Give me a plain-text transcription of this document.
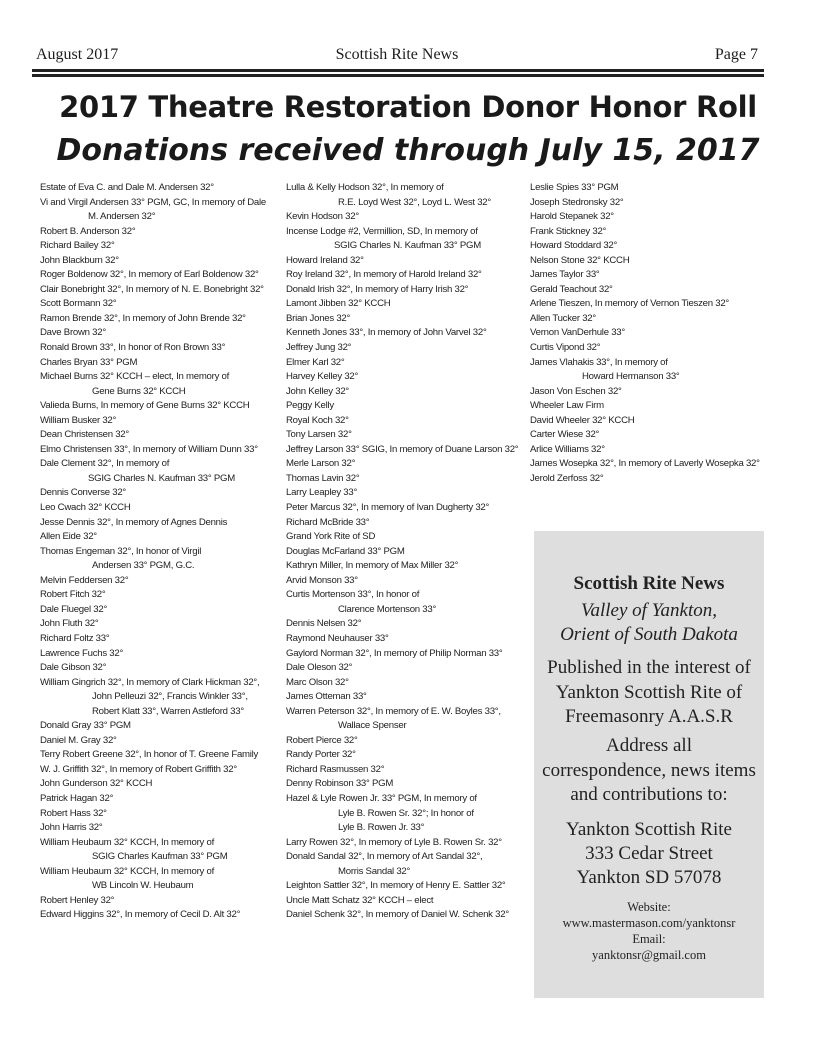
August 2017	Scottish Rite News	Page 7
2017 Theatre Restoration Donor Honor Roll
Donations received through July 15, 2017
Estate of Eva C. and Dale M. Andersen 32°
Vi and Virgil Andersen 33° PGM, GC, In memory of Dale
M. Andersen 32°
Robert B. Anderson 32°
Richard Bailey 32°
John Blackburn 32°
Roger Boldenow 32°, In memory of Earl Boldenow 32°
Clair Bonebright 32°, In memory of N. E. Bonebright 32°
Scott Bormann 32°
Ramon Brende 32°, In memory of John Brende 32°
Dave Brown 32°
Ronald Brown 33°, In honor of Ron Brown 33°
Charles Bryan 33° PGM
Michael Burns 32° KCCH – elect, In memory of
Gene Burns 32° KCCH
Valieda Burns, In memory of Gene Burns 32° KCCH
William Busker 32°
Dean Christensen 32°
Elmo Christensen 33°, In memory of William Dunn 33°
Dale Clement 32°, In memory of
SGIG Charles N. Kaufman 33° PGM
Dennis Converse 32°
Leo Cwach 32° KCCH
Jesse Dennis 32°, In memory of Agnes Dennis
Allen Eide 32°
Thomas Engeman 32°, In honor of Virgil
Andersen 33° PGM, G.C.
Melvin Feddersen 32°
Robert Fitch 32°
Dale Fluegel 32°
John Fluth 32°
Richard Foltz 33°
Lawrence Fuchs 32°
Dale Gibson 32°
William Gingrich 32°, In memory of Clark Hickman 32°,
John Pelleuzi 32°, Francis Winkler 33°,
Robert Klatt 33°, Warren Astleford 33°
Donald Gray 33° PGM
Daniel M. Gray 32°
Terry Robert Greene 32°, In honor of T. Greene Family
W. J. Griffith 32°, In memory of Robert Griffith 32°
John Gunderson 32° KCCH
Patrick Hagan 32°
Robert Hass 32°
John Harris 32°
William Heubaum 32° KCCH, In memory of
SGIG Charles Kaufman 33° PGM
William Heubaum 32° KCCH, In memory of
WB Lincoln W. Heubaum
Robert Henley 32°
Edward Higgins 32°, In memory of Cecil D. Alt 32°
Lulla & Kelly Hodson 32°, In memory of
R.E. Loyd West 32°, Loyd L. West 32°
Kevin Hodson 32°
Incense Lodge #2, Vermillion, SD, In memory of
SGIG Charles N. Kaufman 33° PGM
Howard Ireland 32°
Roy Ireland 32°, In memory of Harold Ireland 32°
Donald Irish 32°, In memory of Harry Irish 32°
Lamont Jibben 32° KCCH
Brian Jones 32°
Kenneth Jones 33°, In memory of John Varvel 32°
Jeffrey Jung 32°
Elmer Karl 32°
Harvey Kelley 32°
John Kelley 32°
Peggy Kelly
Royal Koch 32°
Tony Larsen 32°
Jeffrey Larson 33° SGIG, In memory of Duane Larson 32°
Merle Larson 32°
Thomas Lavin 32°
Larry Leapley 33°
Peter Marcus 32°, In memory of Ivan Dugherty 32°
Richard McBride 33°
Grand York Rite of SD
Douglas McFarland 33° PGM
Kathryn Miller, In memory of Max Miller 32°
Arvid Monson 33°
Curtis Mortenson 33°, In honor of
Clarence Mortenson 33°
Dennis Nelsen 32°
Raymond Neuhauser 33°
Gaylord Norman 32°, In memory of Philip Norman 33°
Dale Oleson 32°
Marc Olson 32°
James Otteman 33°
Warren Peterson 32°, In memory of E. W. Boyles 33°,
Wallace Spenser
Robert Pierce 32°
Randy Porter 32°
Richard Rasmussen 32°
Denny Robinson 33° PGM
Hazel & Lyle Rowen Jr. 33° PGM, In memory of
Lyle B. Rowen Sr. 32°; In honor of
Lyle B. Rowen Jr. 33°
Larry Rowen 32°, In memory of Lyle B. Rowen Sr. 32°
Donald Sandal 32°, In memory of Art Sandal 32°,
Morris Sandal 32°
Leighton Sattler 32°, In memory of Henry E. Sattler 32°
Uncle Matt Schatz 32° KCCH – elect
Daniel Schenk 32°, In memory of Daniel W. Schenk 32°
Leslie Spies 33° PGM
Joseph Stedronsky 32°
Harold Stepanek 32°
Frank Stickney 32°
Howard Stoddard 32°
Nelson Stone 32° KCCH
James Taylor 33°
Gerald Teachout 32°
Arlene Tieszen, In memory of Vernon Tieszen 32°
Allen Tucker 32°
Vernon VanDerhule 33°
Curtis Vipond 32°
James Vlahakis 33°, In memory of
Howard Hermanson 33°
Jason Von Eschen 32°
Wheeler Law Firm
David Wheeler 32° KCCH
Carter Wiese 32°
Arlice Williams 32°
James Wosepka 32°, In memory of Laverly Wosepka 32°
Jerold Zerfoss 32°
Scottish Rite News
Valley of Yankton,
Orient of South Dakota
Published in the interest of Yankton Scottish Rite of Freemasonry A.A.S.R
Address all correspondence, news items and contributions to:
Yankton Scottish Rite
333 Cedar Street
Yankton SD 57078
Website:
www.mastermason.com/yanktonsr
Email:
yanktonsr@gmail.com
